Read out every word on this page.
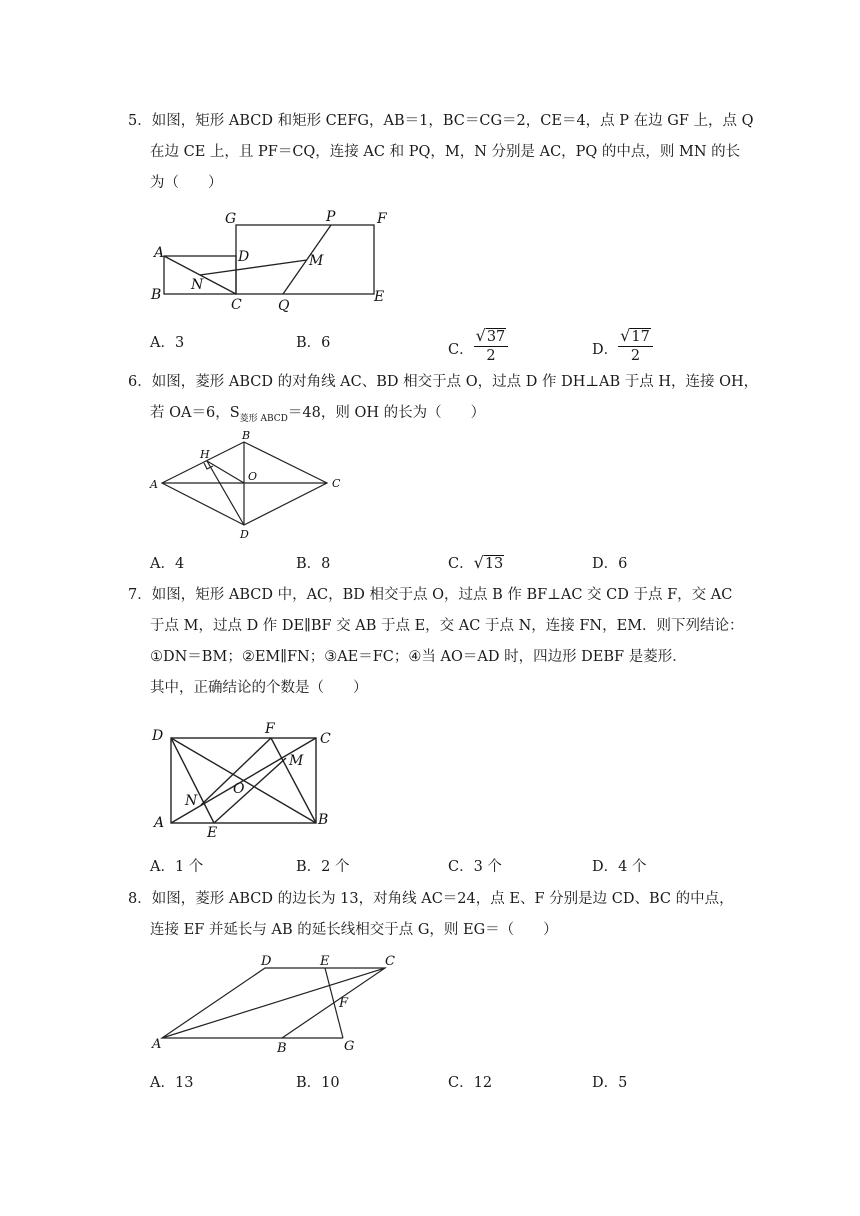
5．如图，矩形 ABCD 和矩形 CEFG，AB＝1，BC＝CG＝2，CE＝4，点 P 在边 GF 上，点 Q
在边 CE 上，且 PF＝CQ，连接 AC 和 PQ，M，N 分别是 AC，PQ 的中点，则 MN 的长
为（　　）
G	P	F
A	D	M
N
B
C	Q
E
A．3	B．6	C． $\frac{√37}{2}$	D． $\frac{√17}{2}$
6．如图，菱形 ABCD 的对角线 AC、BD 相交于点 O，过点 D 作 DH⊥AB 于点 H，连接 OH，
若 OA＝6，$S_{菱形 ABCD}=48$，则 OH 的长为（　　）
A
B
C
D
H
O
A．4	B．8	C．√13	D．6
7．如图，矩形 ABCD 中，AC，BD 相交于点 O，过点 B 作 BF⊥AC 交 CD 于点 F，交 AC
于点 M，过点 D 作 DE∥BF 交 AB 于点 E，交 AC 于点 N，连接 FN，EM．则下列结论：
①DN＝BM；②EM∥FN；③AE＝FC；④当 AO＝AD 时，四边形 DEBF 是菱形．
其中，正确结论的个数是（　　）
D	F
C
M
O
N
A
E
B
A．1 个	B．2 个	C．3 个	D．4 个
8．如图，菱形 ABCD 的边长为 13，对角线 AC＝24，点 E、F 分别是边 CD、BC 的中点，
连接 EF 并延长与 AB 的延长线相交于点 G，则 EG＝（　　）
D	E	C
F
A	B	G
A．13	B．10	C．12	D．5
